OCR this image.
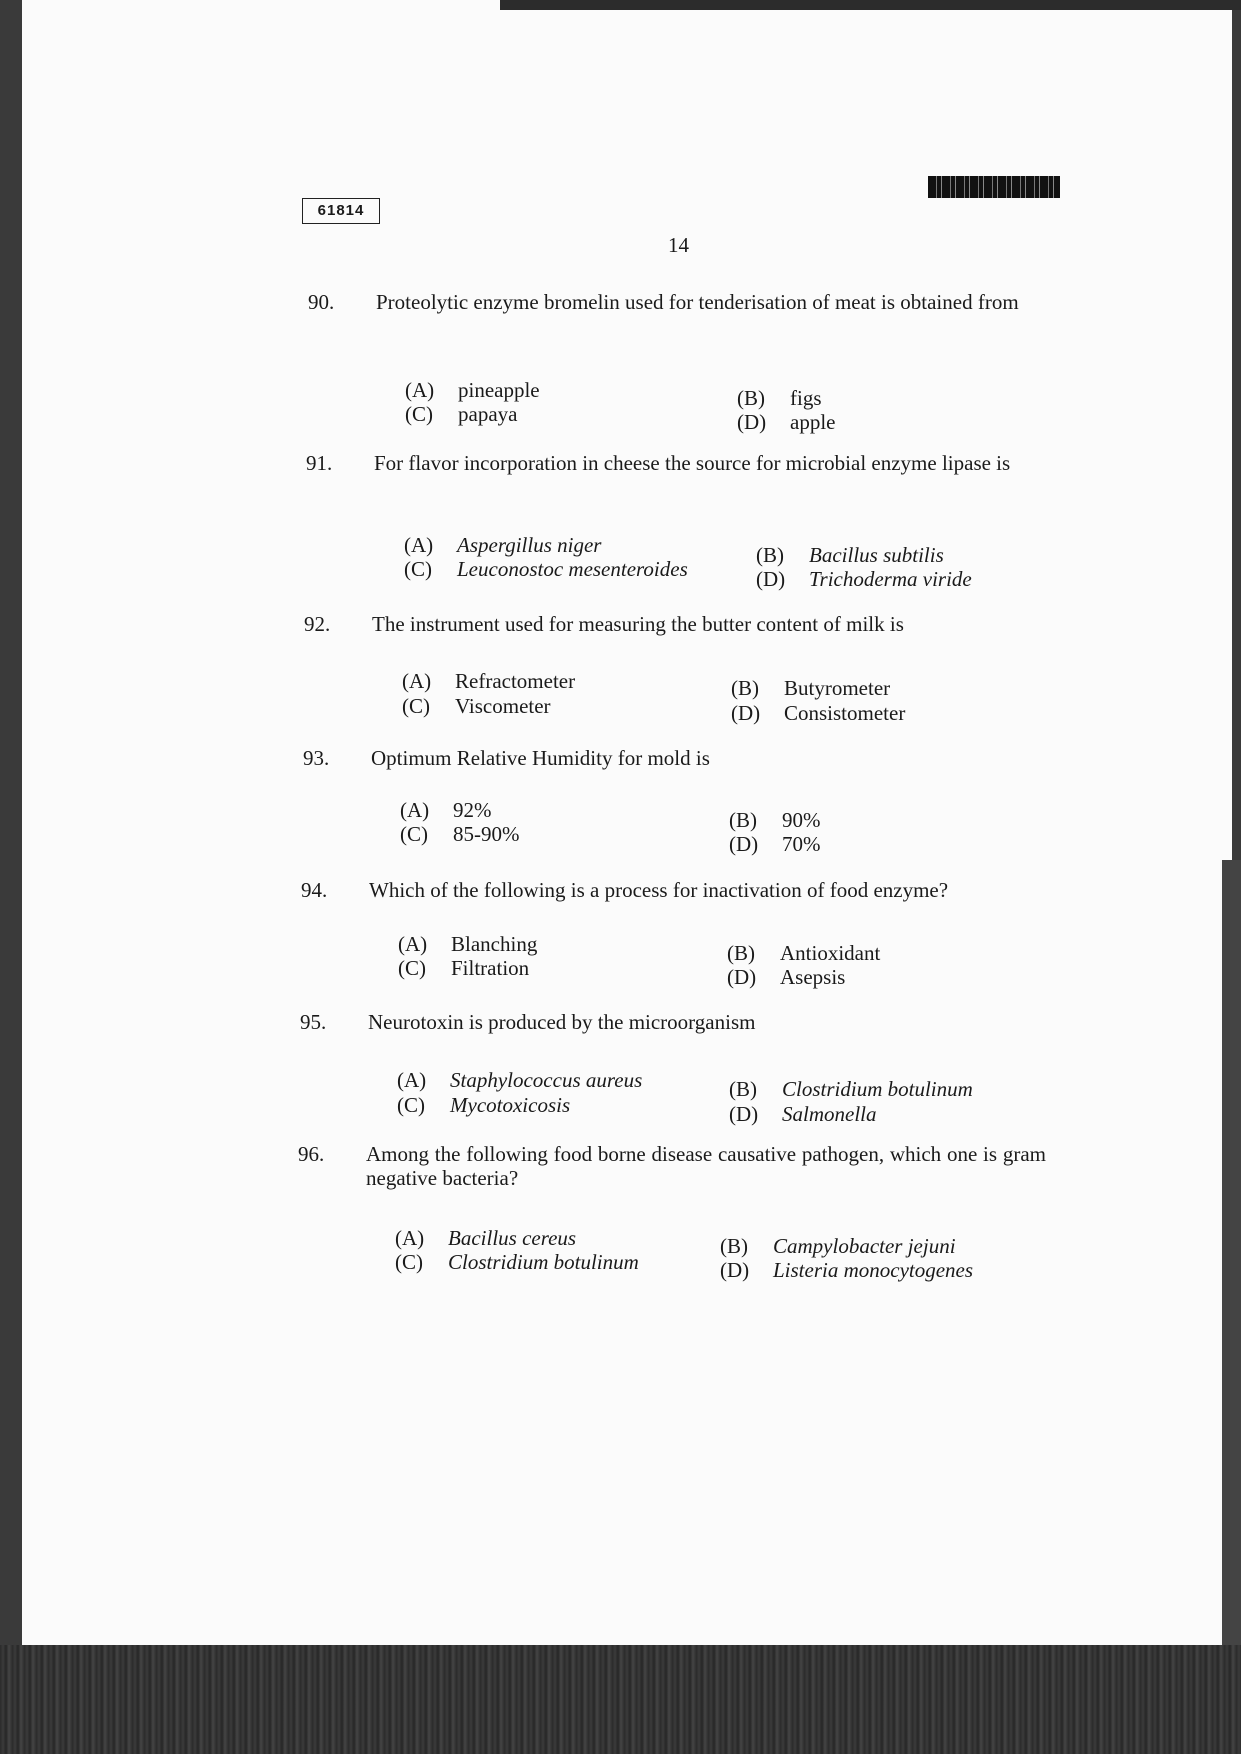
61814
14
90. Proteolytic enzyme bromelin used for tenderisation of meat is obtained from
(A) pineapple	(B) figs
(C) papaya	(D) apple
91. For flavor incorporation in cheese the source for microbial enzyme lipase is
(A) Aspergillus niger	(B) Bacillus subtilis
(C) Leuconostoc mesenteroides	(D) Trichoderma viride
92. The instrument used for measuring the butter content of milk is
(A) Refractometer	(B) Butyrometer
(C) Viscometer	(D) Consistometer
93. Optimum Relative Humidity for mold is
(A) 92%	(B) 90%
(C) 85-90%	(D) 70%
94. Which of the following is a process for inactivation of food enzyme?
(A) Blanching	(B) Antioxidant
(C) Filtration	(D) Asepsis
95. Neurotoxin is produced by the microorganism
(A) Staphylococcus aureus	(B) Clostridium botulinum
(C) Mycotoxicosis	(D) Salmonella
96. Among the following food borne disease causative pathogen, which one is gram negative bacteria?
(A) Bacillus cereus	(B) Campylobacter jejuni
(C) Clostridium botulinum	(D) Listeria monocytogenes
